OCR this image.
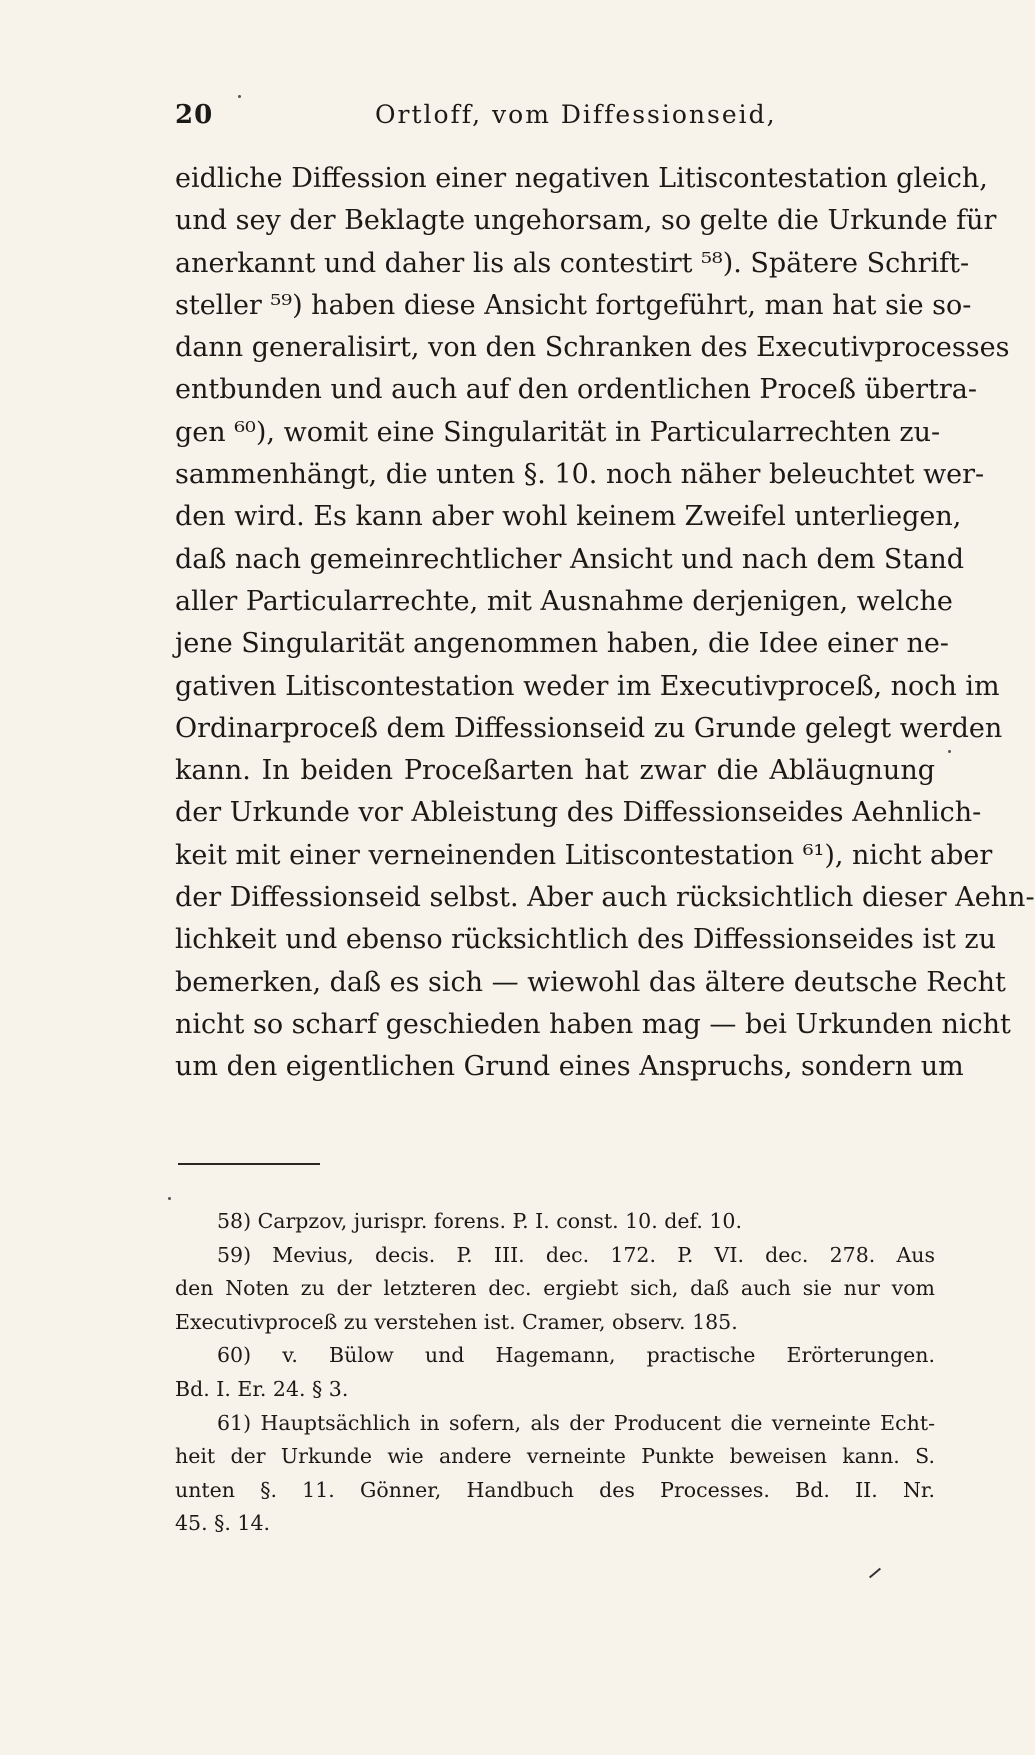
20	Ortloff, vom Diffessionseid,
eidliche Diffession einer negativen Litiscontestation gleich,
und sey der Beklagte ungehorsam, so gelte die Urkunde für
anerkannt und daher lis als contestirt ⁵⁸). Spätere Schrift-
steller ⁵⁹) haben diese Ansicht fortgeführt, man hat sie so-
dann generalisirt, von den Schranken des Executivprocesses
entbunden und auch auf den ordentlichen Proceß übertra-
gen ⁶⁰), womit eine Singularität in Particularrechten zu-
sammenhängt, die unten §. 10. noch näher beleuchtet wer-
den wird. Es kann aber wohl keinem Zweifel unterliegen,
daß nach gemeinrechtlicher Ansicht und nach dem Stand
aller Particularrechte, mit Ausnahme derjenigen, welche
jene Singularität angenommen haben, die Idee einer ne-
gativen Litiscontestation weder im Executivproceß, noch im
Ordinarproceß dem Diffessionseid zu Grunde gelegt werden
kann. In beiden Proceßarten hat zwar die Abläugnung
der Urkunde vor Ableistung des Diffessionseides Aehnlich-
keit mit einer verneinenden Litiscontestation ⁶¹), nicht aber
der Diffessionseid selbst. Aber auch rücksichtlich dieser Aehn-
lichkeit und ebenso rücksichtlich des Diffessionseides ist zu
bemerken, daß es sich — wiewohl das ältere deutsche Recht
nicht so scharf geschieden haben mag — bei Urkunden nicht
um den eigentlichen Grund eines Anspruchs, sondern um
58) Carpzov, jurispr. forens. P. I. const. 10. def. 10.
59) Mevius, decis. P. III. dec. 172. P. VI. dec. 278. Aus
den Noten zu der letzteren dec. ergiebt sich, daß auch sie nur vom
Executivproceß zu verstehen ist. Cramer, observ. 185.
60) v. Bülow und Hagemann, practische Erörterungen.
Bd. I. Er. 24. § 3.
61) Hauptsächlich in sofern, als der Producent die verneinte Echt-
heit der Urkunde wie andere verneinte Punkte beweisen kann. S.
unten §. 11. Gönner, Handbuch des Processes. Bd. II. Nr.
45. §. 14.
